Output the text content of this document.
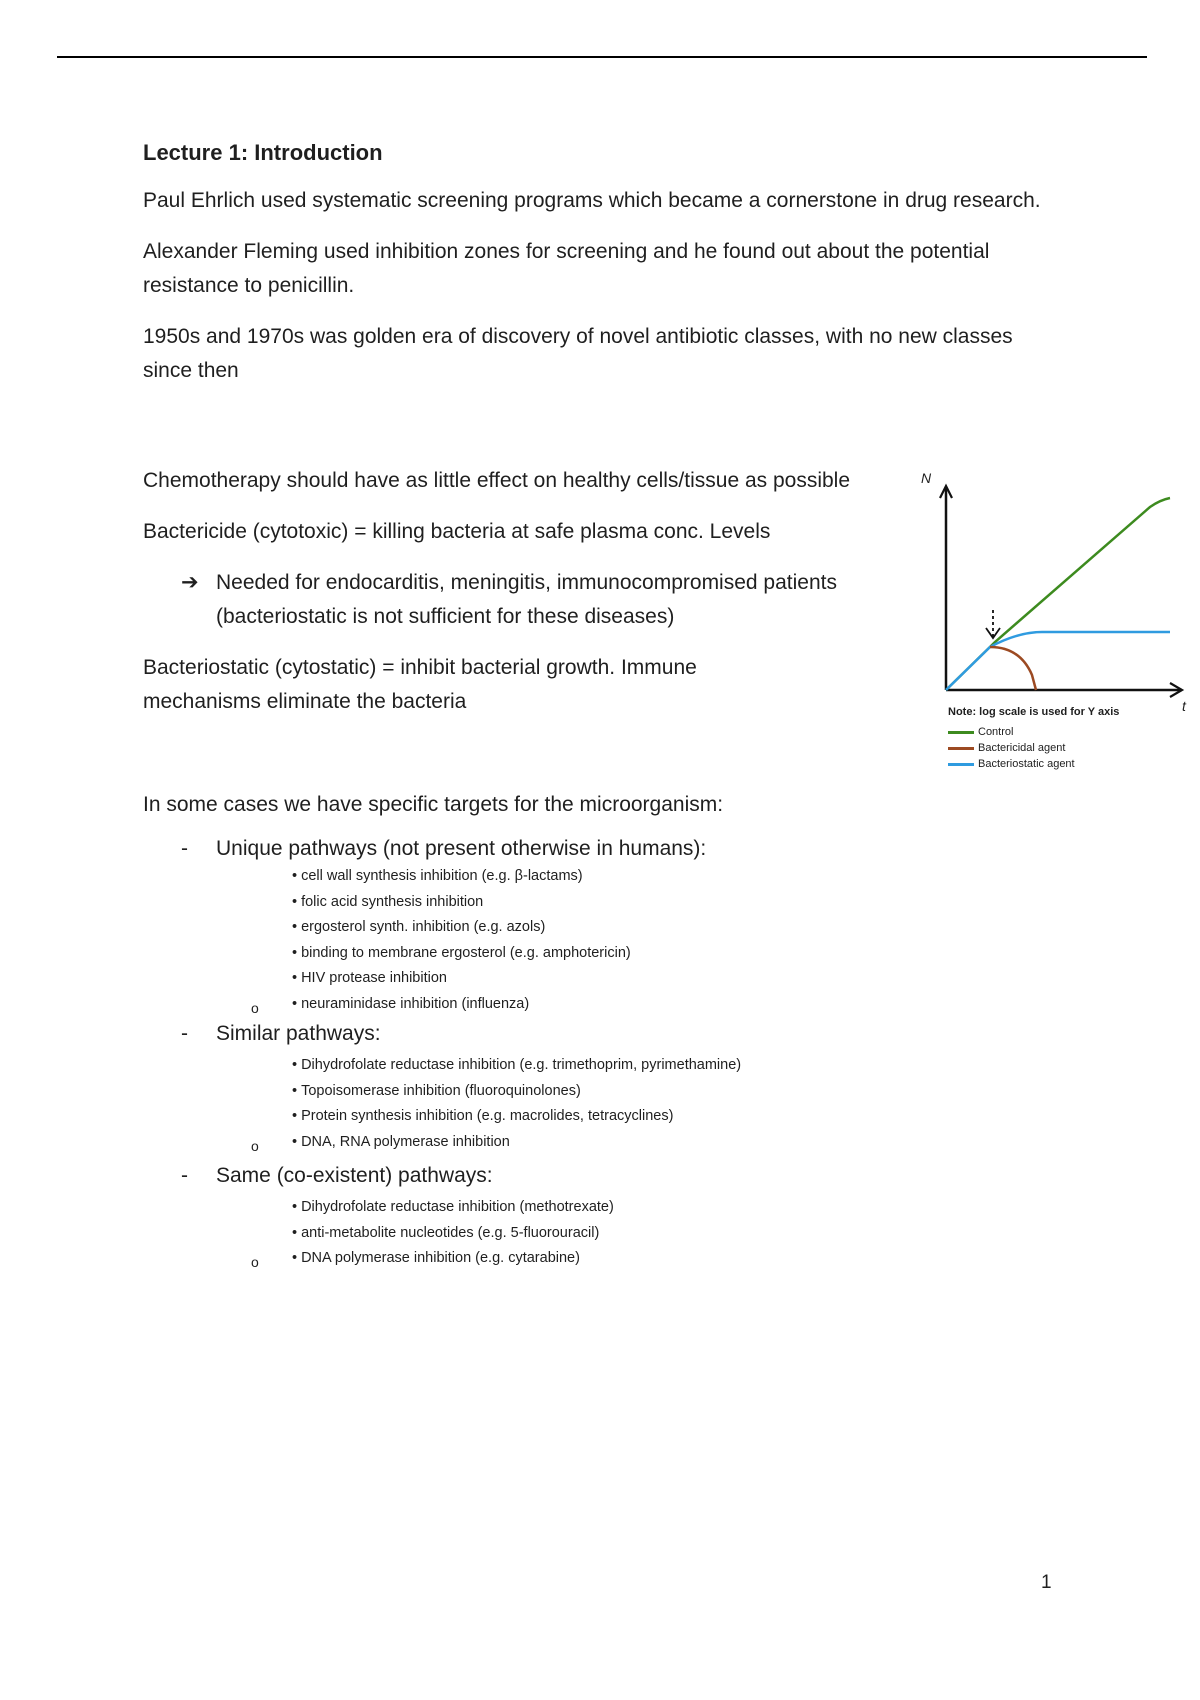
Lecture 1: Introduction

Paul Ehrlich used systematic screening programs which became a cornerstone in drug research.

Alexander Fleming used inhibition zones for screening and he found out about the potential resistance to penicillin.

1950s and 1970s was golden era of discovery of novel antibiotic classes, with no new classes since then

Chemotherapy should have as little effect on healthy cells/tissue as possible

Bactericide (cytotoxic) = killing bacteria at safe plasma conc. Levels

➔ Needed for endocarditis, meningitis, immunocompromised patients (bacteriostatic is not sufficient for these diseases)

Bacteriostatic (cytostatic) = inhibit bacterial growth. Immune mechanisms eliminate the bacteria

In some cases we have specific targets for the microorganism:

- Unique pathways (not present otherwise in humans):
• cell wall synthesis inhibition (e.g. β-lactams)
• folic acid synthesis inhibition
• ergosterol synth. inhibition (e.g. azols)
• binding to membrane ergosterol (e.g. amphotericin)
• HIV protease inhibition
o • neuraminidase inhibition (influenza)
- Similar pathways:
• Dihydrofolate reductase inhibition (e.g. trimethoprim, pyrimethamine)
• Topoisomerase inhibition (fluoroquinolones)
• Protein synthesis inhibition (e.g. macrolides, tetracyclines)
o • DNA, RNA polymerase inhibition
- Same (co-existent) pathways:
• Dihydrofolate reductase inhibition (methotrexate)
• anti-metabolite nucleotides (e.g. 5-fluorouracil)
o • DNA polymerase inhibition (e.g. cytarabine)
N
t
Note: log scale is used for Y axis
Control
Bactericidal agent
Bacteriostatic agent
1
